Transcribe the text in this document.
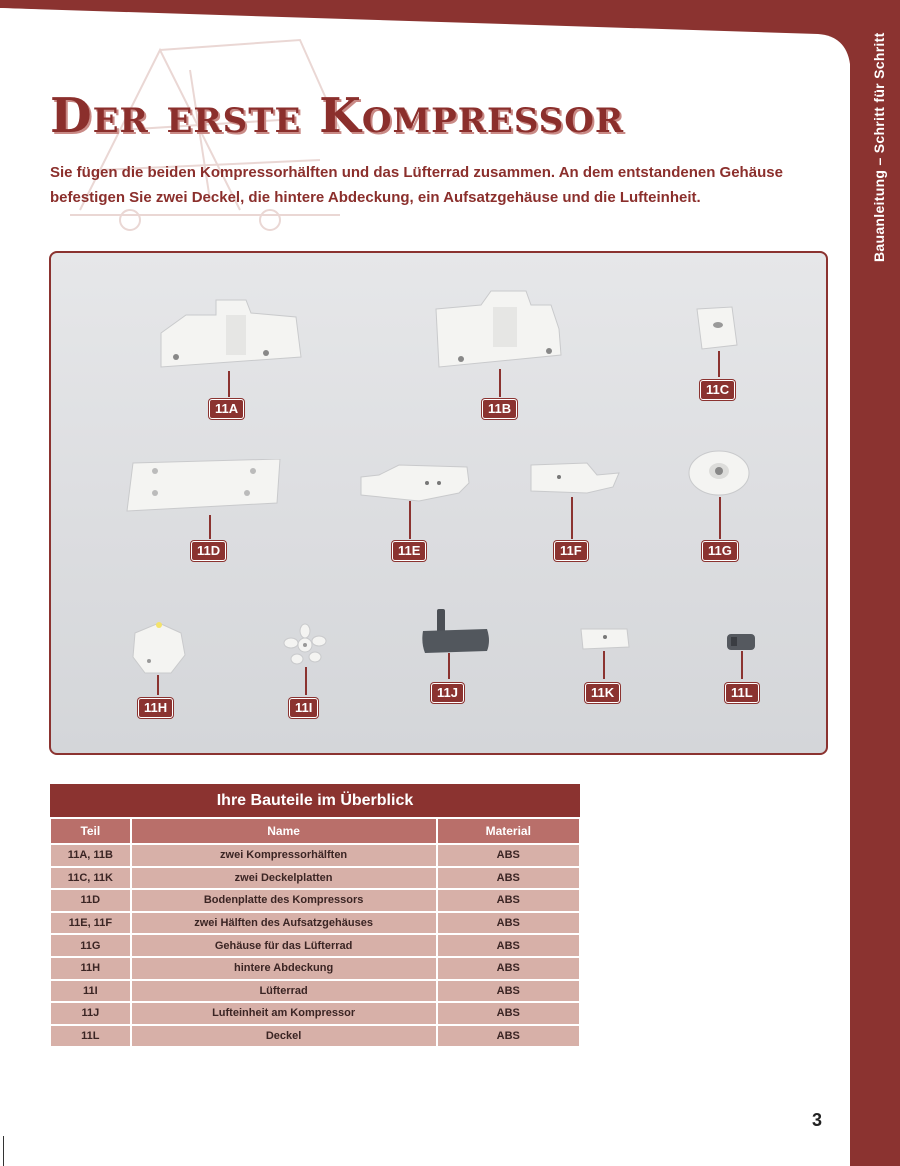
Bauanleitung – Schritt für Schritt
Der erste Kompressor

Sie fügen die beiden Kompressorhälften und das Lüfterrad zusammen. An dem entstandenen Gehäuse befestigen Sie zwei Deckel, die hintere Abdeckung, ein Aufsatzgehäuse und die Lufteinheit.

11A	11B
11C
11D	11E	11F	11G
11H	11I
11J	11K	11L
Ihre Bauteile im Überblick		
Teil	Name	Material
11A, 11B	zwei Kompressorhälften	ABS
11C, 11K	zwei Deckelplatten	ABS
11D	Bodenplatte des Kompressors	ABS
11E, 11F	zwei Hälften des Aufsatzgehäuses	ABS
11G	Gehäuse für das Lüfterrad	ABS
11H	hintere Abdeckung	ABS
11I	Lüfterrad	ABS
11J	Lufteinheit am Kompressor	ABS
11L	Deckel	ABS
3
